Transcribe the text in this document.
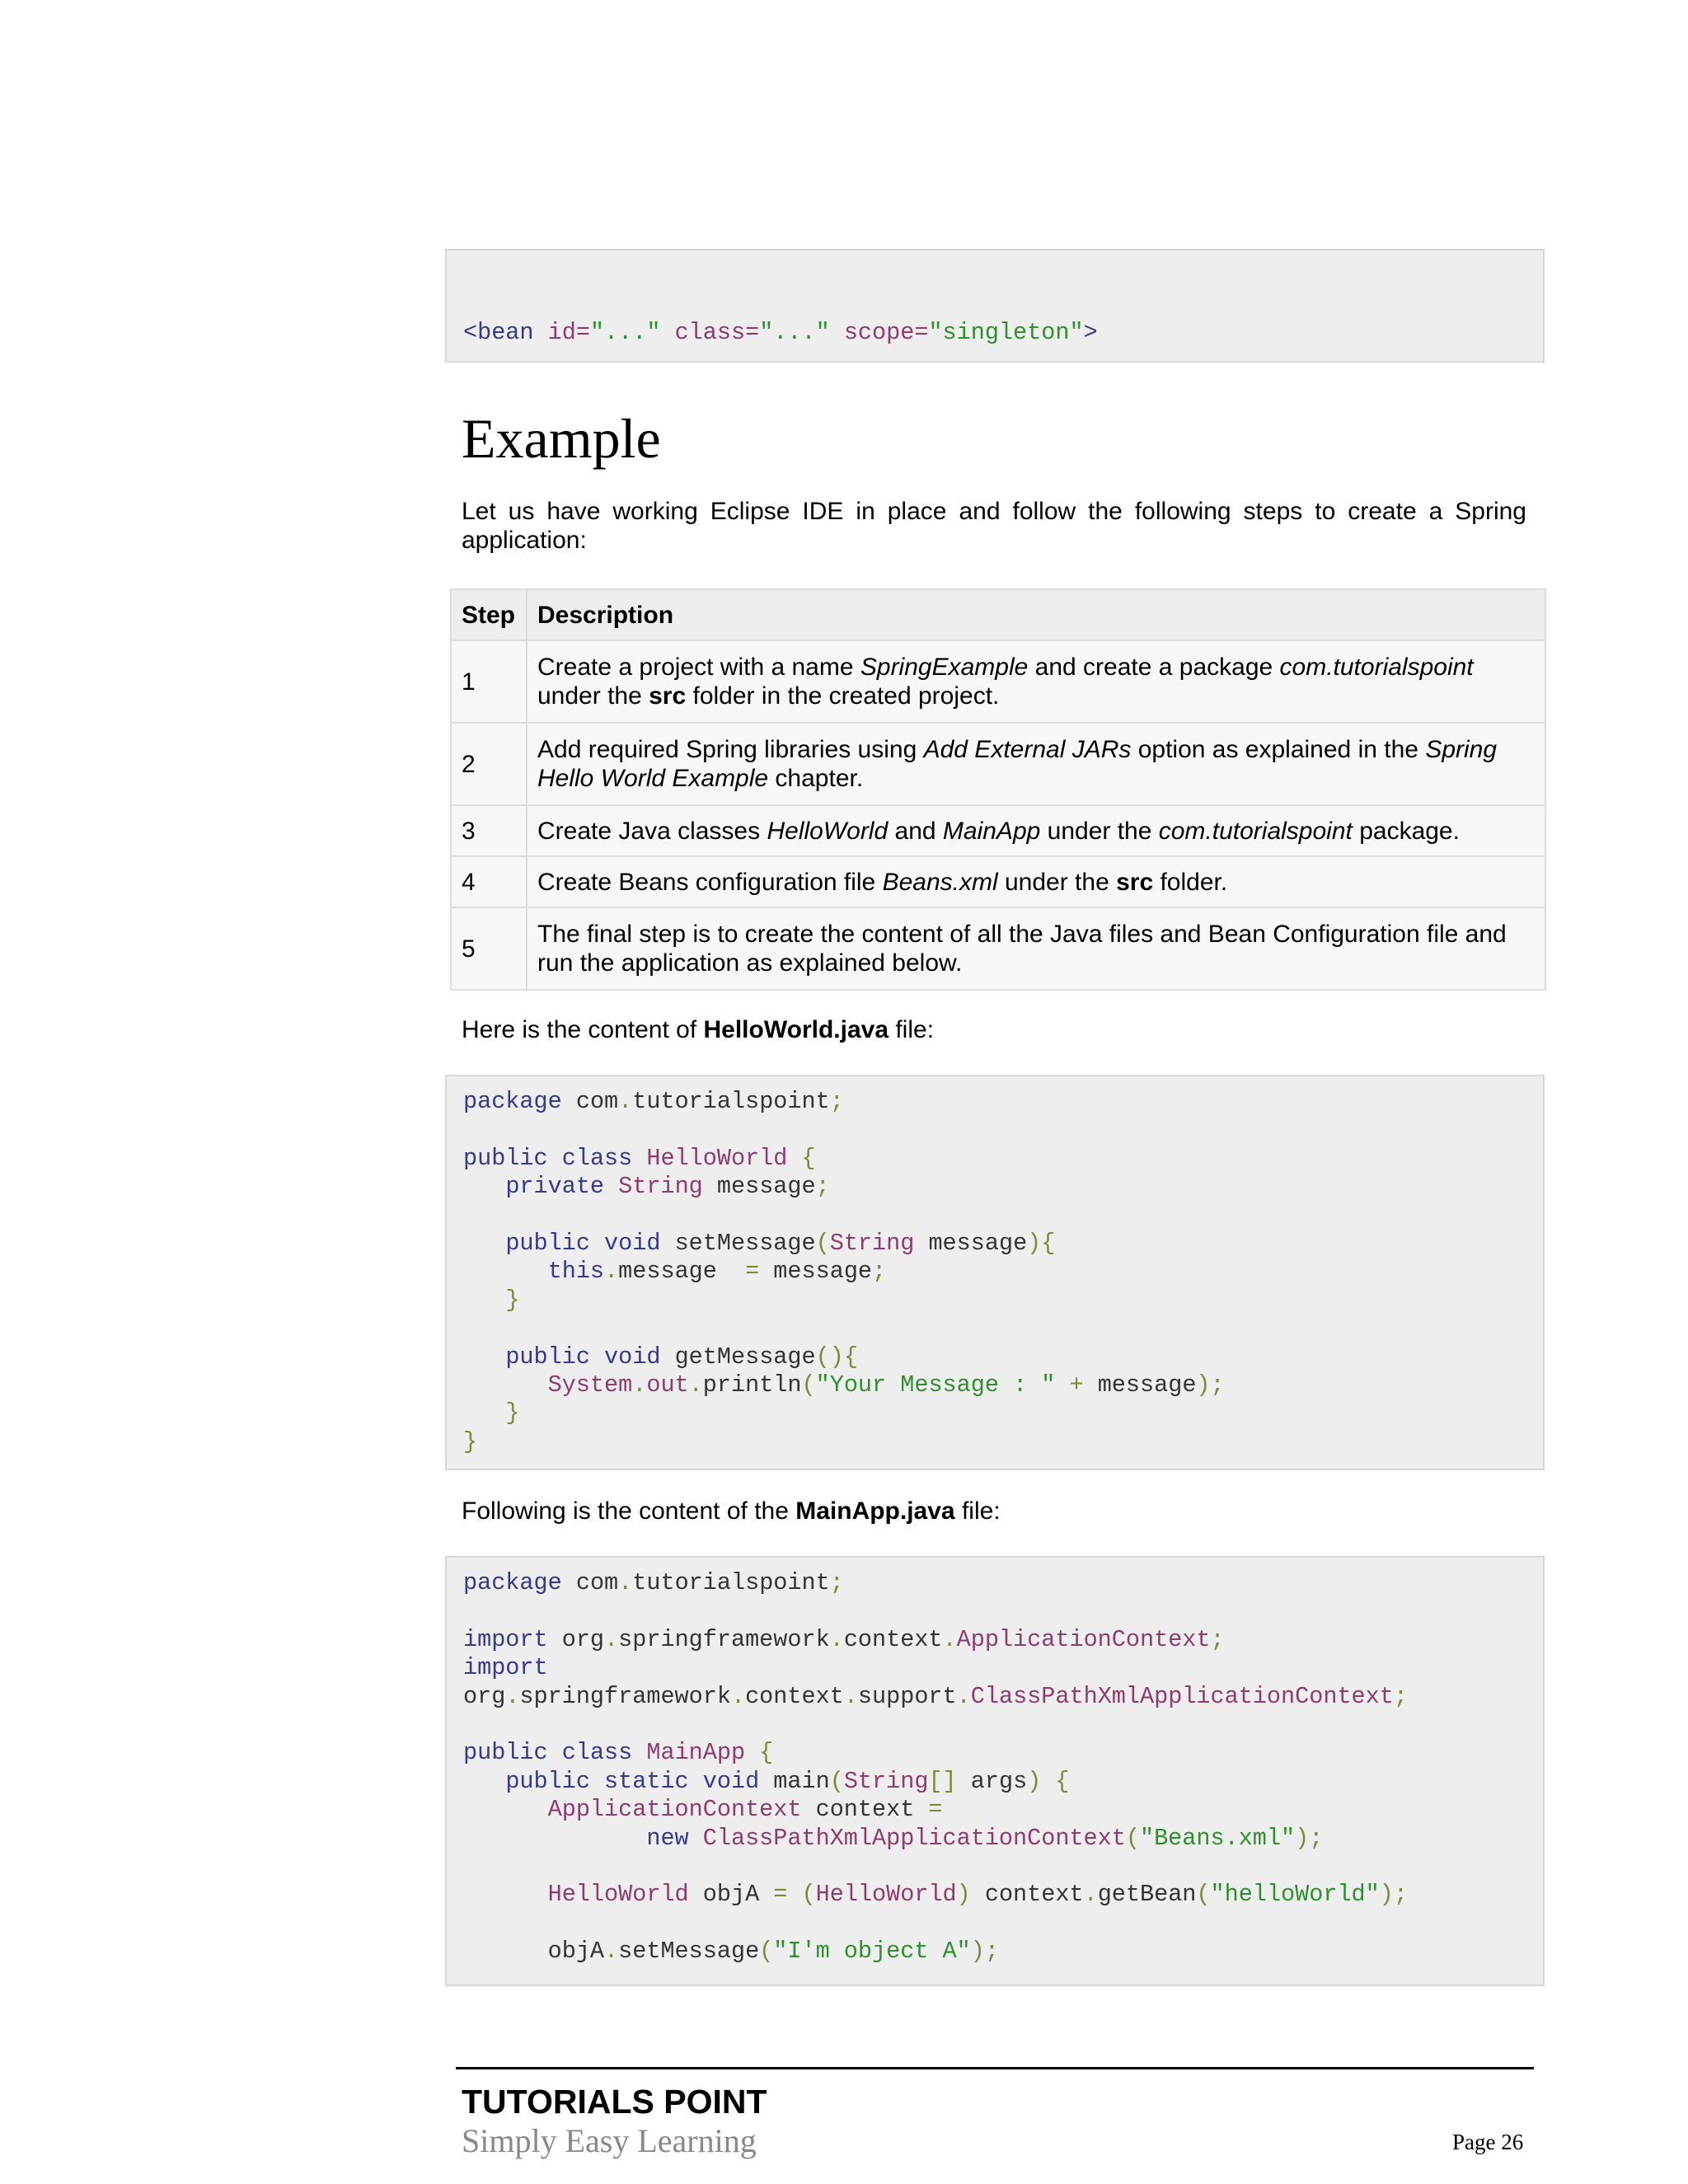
<bean id="..." class="..." scope="singleton">

Example

Let us have working Eclipse IDE in place and follow the following steps to create a Spring application:

Step	Description
1	Create a project with a name SpringExample and create a package com.tutorialspoint under the src folder in the created project.
2	Add required Spring libraries using Add External JARs option as explained in the Spring Hello World Example chapter.
3	Create Java classes HelloWorld and MainApp under the com.tutorialspoint package.
4	Create Beans configuration file Beans.xml under the src folder.
5	The final step is to create the content of all the Java files and Bean Configuration file and run the application as explained below.

Here is the content of HelloWorld.java file:

package com.tutorialspoint;

public class HelloWorld {
private String message;

public void setMessage(String message){
this.message  = message;
}

public void getMessage(){
System.out.println("Your Message : " + message);
}
}

Following is the content of the MainApp.java file:

package com.tutorialspoint;

import org.springframework.context.ApplicationContext;
import
org.springframework.context.support.ClassPathXmlApplicationContext;

public class MainApp {
public static void main(String[] args) {
ApplicationContext context =
new ClassPathXmlApplicationContext("Beans.xml");

HelloWorld objA = (HelloWorld) context.getBean("helloWorld");

objA.setMessage("I'm object A");

TUTORIALS POINT

Simply Easy Learning	Page 26
